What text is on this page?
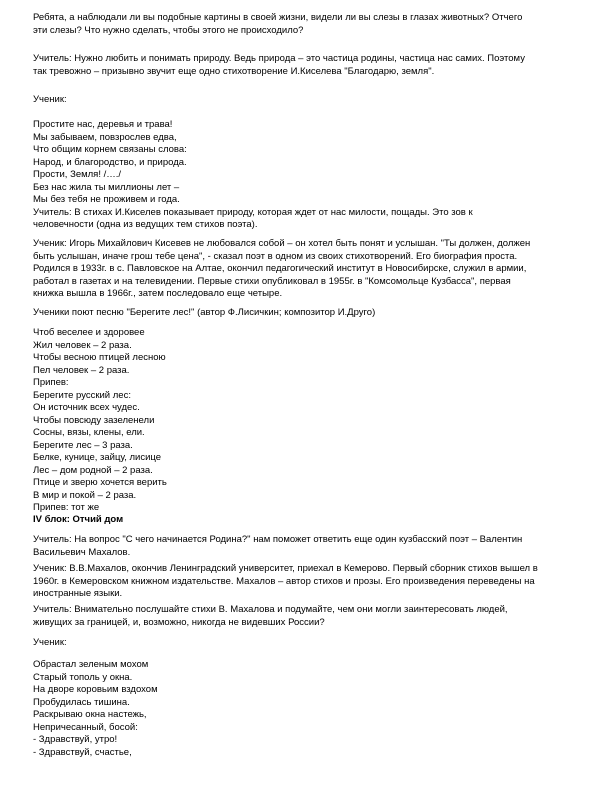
Ребята, а наблюдали ли вы подобные картины в своей жизни, видели ли вы слезы в глазах животных? Отчего
эти слезы? Что нужно сделать, чтобы этого не происходило?
Учитель: Нужно любить и понимать природу. Ведь природа – это частица родины, частица нас самих. Поэтому
так тревожно – призывно звучит еще одно стихотворение И.Киселева "Благодарю, земля".
Ученик:
Простите нас, деревья и трава!
Мы забываем, повзрослев едва,
Что общим корнем связаны слова:
Народ, и благородство, и природа.
Прости, Земля! /…./
Без нас жила ты миллионы лет –
Мы без тебя не проживем и года.
Учитель: В стихах И.Киселев показывает природу, которая ждет от нас милости, пощады. Это зов к
человечности (одна из ведущих тем стихов поэта).
Ученик: Игорь Михайлович Кисевев не любовался собой – он хотел быть понят и услышан. "Ты должен, должен
быть услышан, иначе грош тебе цена", - сказал поэт в одном из своих стихотворений. Его биография проста.
Родился в 1933г. в с. Павловское на Алтае, окончил педагогический институт в Новосибирске, служил в армии,
работал в газетах и на телевидении. Первые стихи опубликовал в 1955г. в "Комсомольце Кузбасса", первая
книжка вышла в 1966г., затем последовало еще четыре.
Ученики поют песню "Берегите лес!" (автор Ф.Лисичкин; композитор И.Друго)
Чтоб веселее и здоровее
Жил человек – 2 раза.
Чтобы весною птицей лесною
Пел человек – 2 раза.
Припев:
Берегите русский лес:
Он источник всех чудес.
Чтобы повсюду зазеленели
Сосны, вязы, клены, ели.
Берегите лес – 3 раза.
Белке, кунице, зайцу, лисице
Лес – дом родной – 2 раза.
Птице и зверю хочется верить
В мир и покой – 2 раза.
Припев: тот же
IV блок: Отчий дом
Учитель: На вопрос "С чего начинается Родина?" нам поможет ответить еще один кузбасский поэт – Валентин
Васильевич Махалов.
Ученик: В.В.Махалов, окончив Ленинградский университет, приехал в Кемерово. Первый сборник стихов вышел в
1960г. в Кемеровском книжном издательстве. Махалов – автор стихов и прозы. Его произведения переведены на
иностранные языки.
Учитель: Внимательно послушайте стихи В. Махалова и подумайте, чем они могли заинтересовать людей,
живущих за границей, и, возможно, никогда не видевших России?
Ученик:
Обрастал зеленым мохом
Старый тополь у окна.
На дворе коровьим вздохом
Пробудилась тишина.
Раскрываю окна настежь,
Непричесанный, босой:
- Здравствуй, утро!
- Здравствуй, счастье,
